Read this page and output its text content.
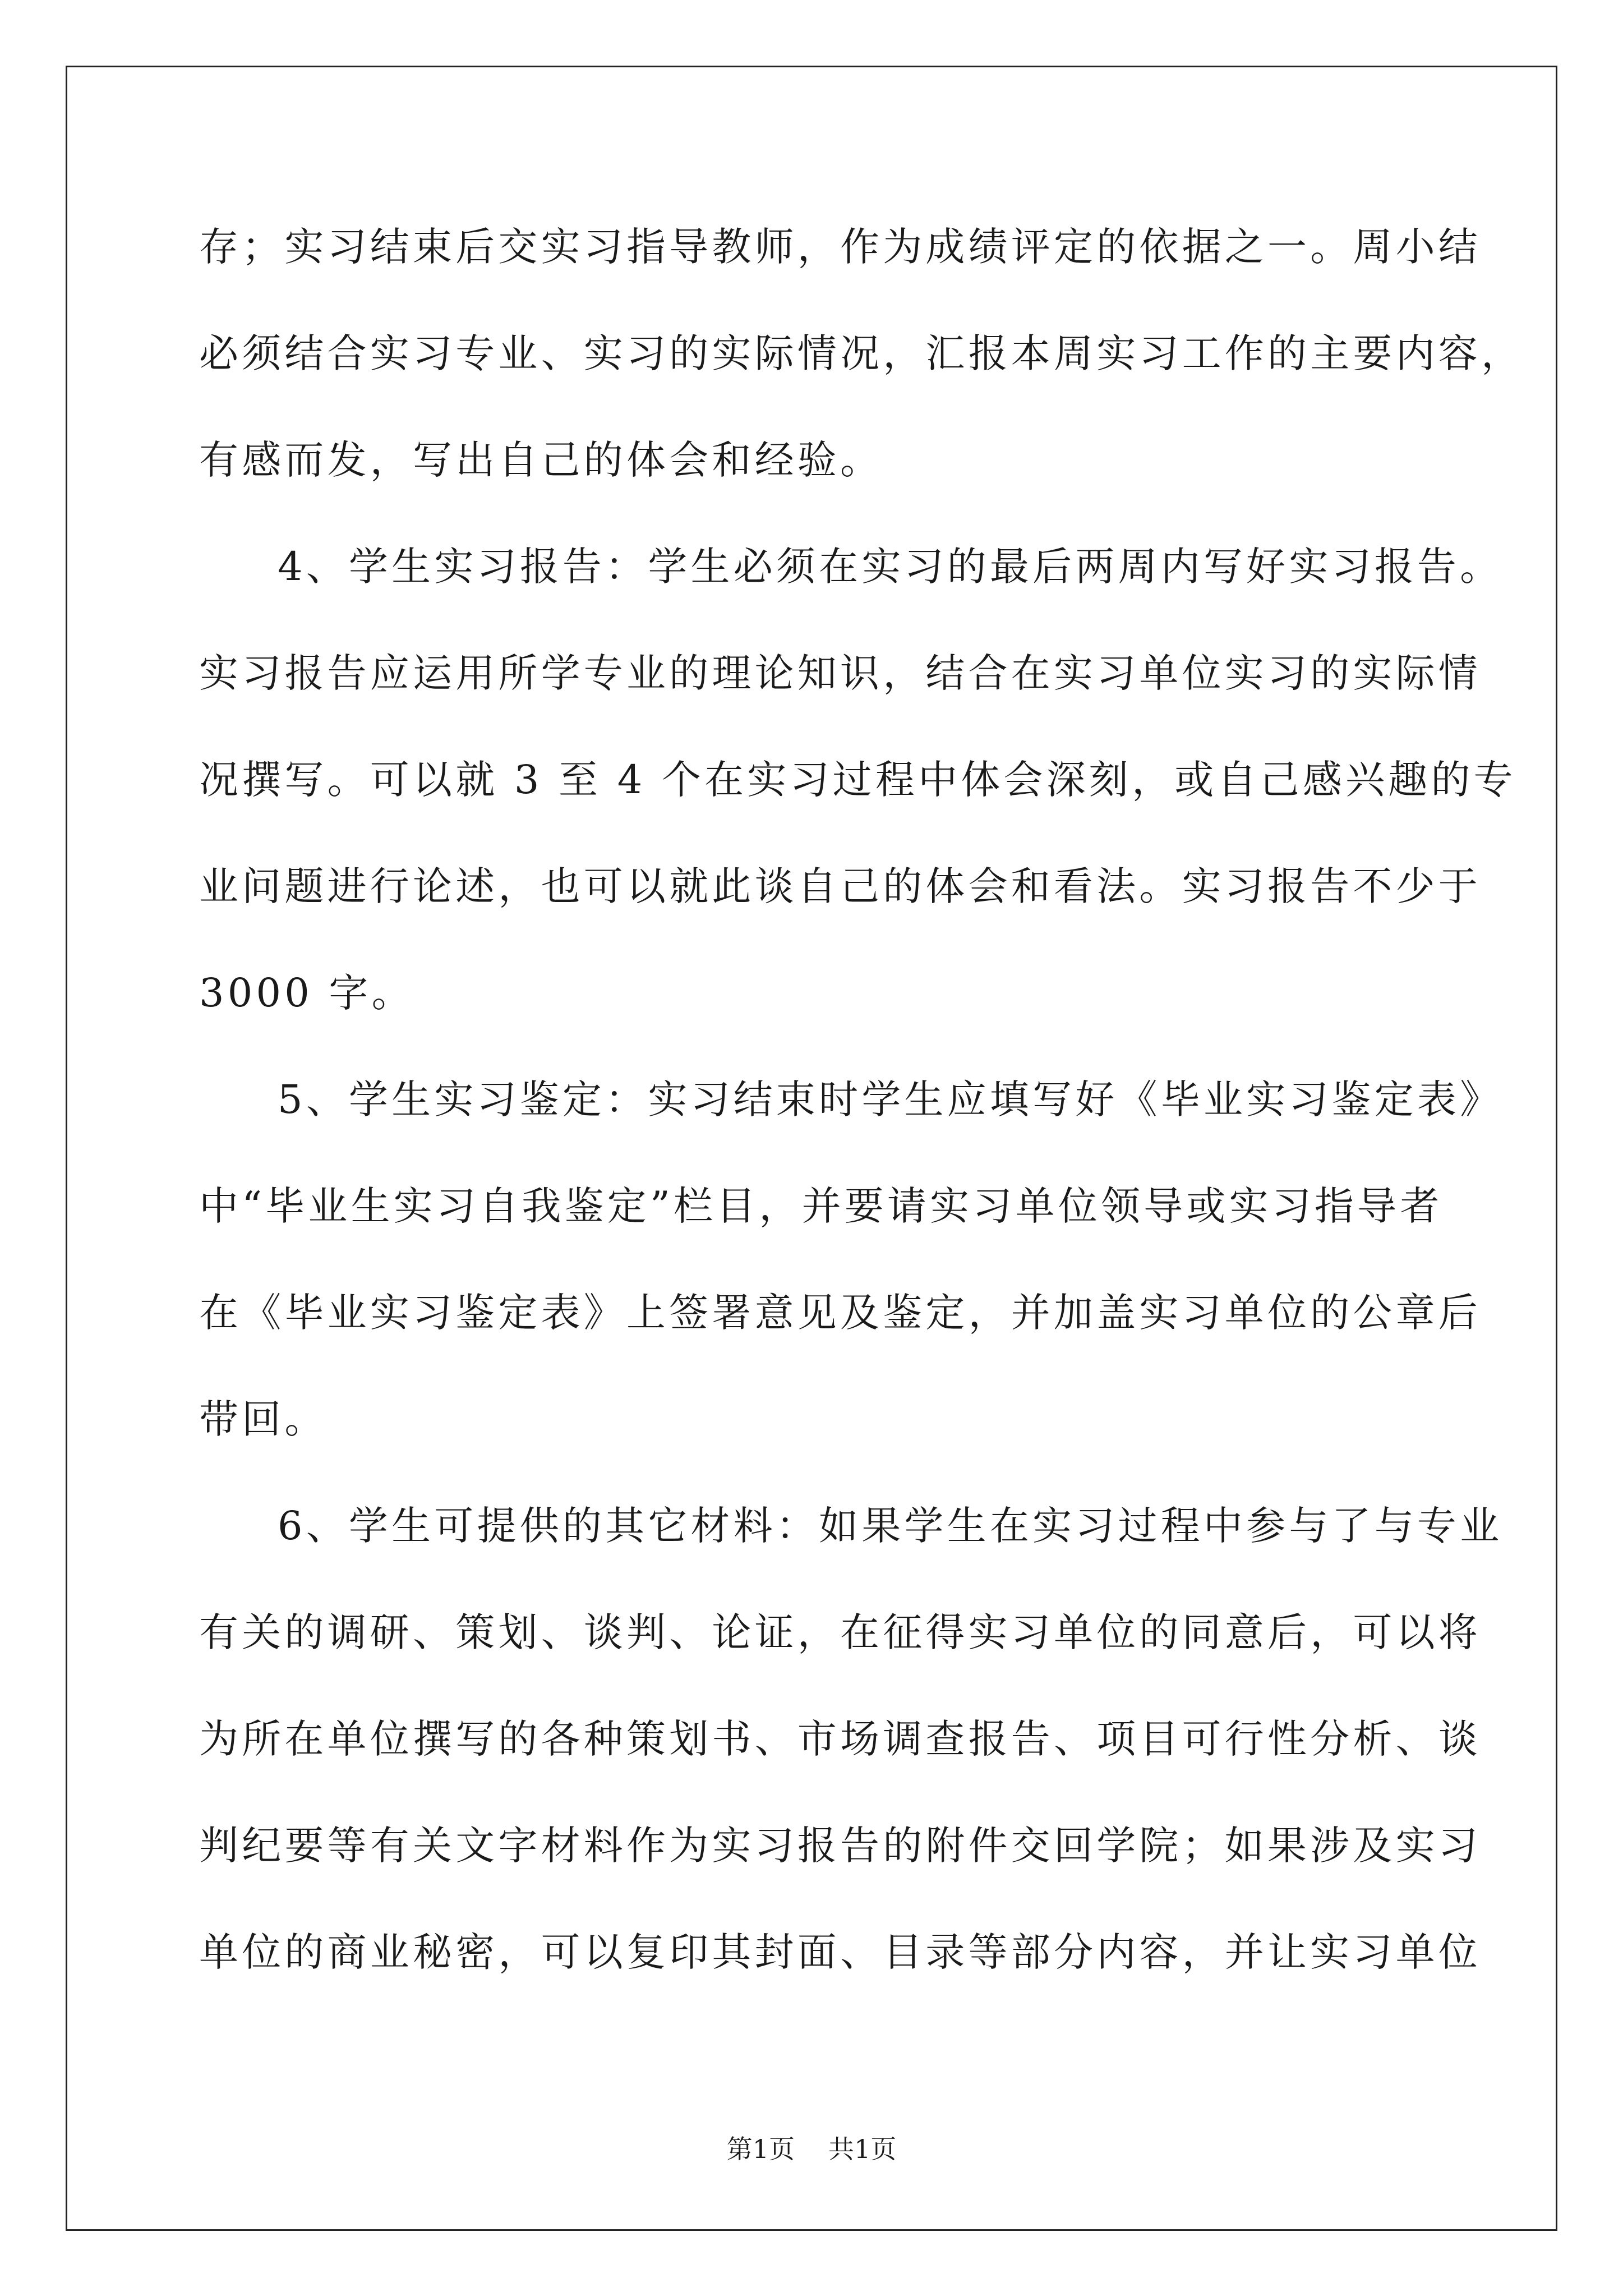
存；实习结束后交实习指导教师，作为成绩评定的依据之一。周小结
必须结合实习专业、实习的实际情况，汇报本周实习工作的主要内容，
有感而发，写出自己的体会和经验。
4、学生实习报告：学生必须在实习的最后两周内写好实习报告。
实习报告应运用所学专业的理论知识，结合在实习单位实习的实际情
况撰写。可以就 3 至 4 个在实习过程中体会深刻，或自己感兴趣的专
业问题进行论述，也可以就此谈自己的体会和看法。实习报告不少于
3000 字。
5、学生实习鉴定：实习结束时学生应填写好《毕业实习鉴定表》
中“毕业生实习自我鉴定”栏目，并要请实习单位领导或实习指导者
在《毕业实习鉴定表》上签署意见及鉴定，并加盖实习单位的公章后
带回。
6、学生可提供的其它材料：如果学生在实习过程中参与了与专业
有关的调研、策划、谈判、论证，在征得实习单位的同意后，可以将
为所在单位撰写的各种策划书、市场调查报告、项目可行性分析、谈
判纪要等有关文字材料作为实习报告的附件交回学院；如果涉及实习
单位的商业秘密，可以复印其封面、目录等部分内容，并让实习单位
第1页 共1页
